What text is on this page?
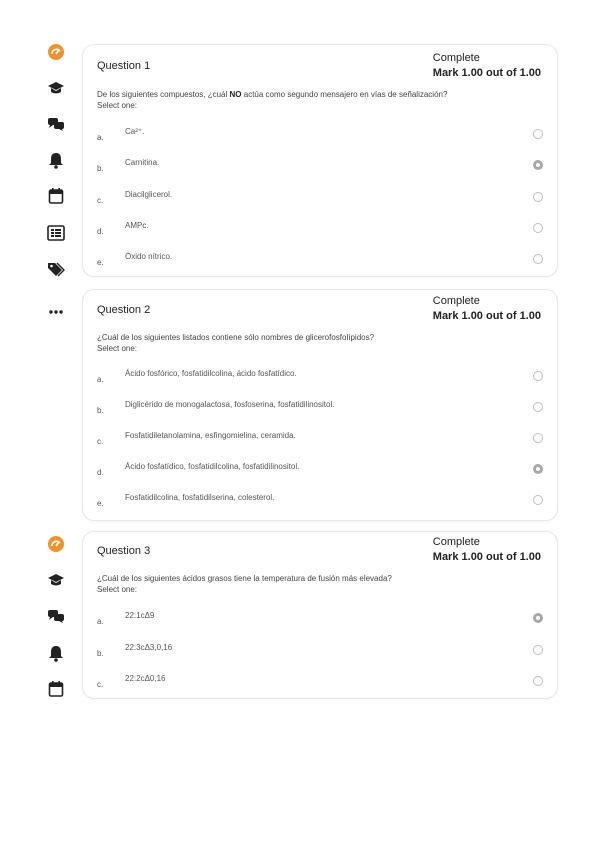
Question 1
Complete
Mark 1.00 out of 1.00
De los siguientes compuestos, ¿cuál NO actúa como segundo mensajero en vías de señalización?
Select one:
a.
Ca²⁺.
b.
Carnitina.
c.
Diacilglicerol.
d.
AMPc.
e.
Óxido nítrico.
Question 2
Complete
Mark 1.00 out of 1.00
¿Cuál de los siguientes listados contiene sólo nombres de glicerofosfolípidos?
Select one:
a.
Ácido fosfórico, fosfatidilcolina, ácido fosfatídico.
b.
Diglicérido de monogalactosa, fosfoserina, fosfatidilinositol.
c.
Fosfatidiletanolamina, esfingomielina, ceramida.
d.
Ácido fosfatídico, fosfatidilcolina, fosfatidilinositol.
e.
Fosfatidilcolina, fosfatidilserina, colesterol.
Question 3
Complete
Mark 1.00 out of 1.00
¿Cuál de los siguientes ácidos grasos tiene la temperatura de fusión más elevada?
Select one:
a.
22:1cΔ9
b.
22:3cΔ3,0,16
c.
22:2cΔ0,16
